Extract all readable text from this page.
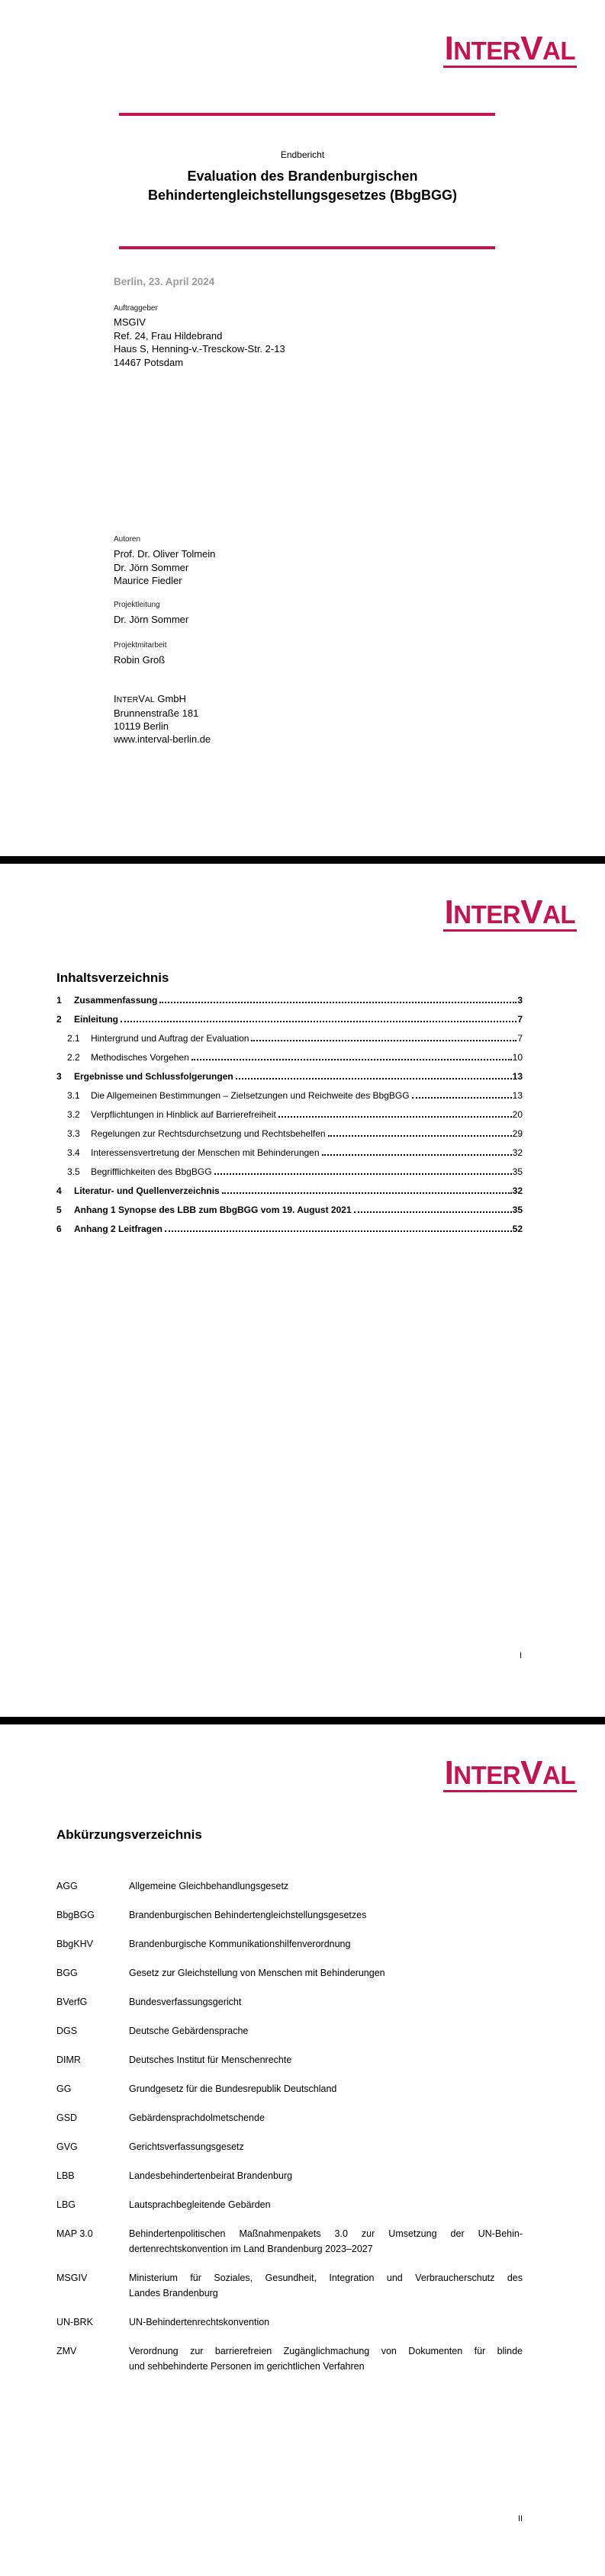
INTERVAL
Endbericht
Evaluation des Brandenburgischen
Behindertengleichstellungsgesetzes (BbgBGG)
Berlin, 23. April 2024
Auftraggeber
MSGIV
Ref. 24, Frau Hildebrand
Haus S, Henning-v.-Tresckow-Str. 2-13
14467 Potsdam
Autoren
Prof. Dr. Oliver Tolmein
Dr. Jörn Sommer
Maurice Fiedler
Projektleitung
Dr. Jörn Sommer
Projektmitarbeit
Robin Groß
INTERVAL GmbH
Brunnenstraße 181
10119 Berlin
www.interval-berlin.de
INTERVAL
Inhaltsverzeichnis
1	Zusammenfassung	3
2	Einleitung	7
2.1	Hintergrund und Auftrag der Evaluation	7
2.2	Methodisches Vorgehen	10
3	Ergebnisse und Schlussfolgerungen	13
3.1	Die Allgemeinen Bestimmungen – Zielsetzungen und Reichweite des BbgBGG	13
3.2	Verpflichtungen in Hinblick auf Barrierefreiheit	20
3.3	Regelungen zur Rechtsdurchsetzung und Rechtsbehelfen	29
3.4	Interessensvertretung der Menschen mit Behinderungen	32
3.5	Begrifflichkeiten des BbgBGG	35
4	Literatur- und Quellenverzeichnis	32
5	Anhang 1 Synopse des LBB zum BbgBGG vom 19. August 2021	35
6	Anhang 2 Leitfragen	52
I
INTERVAL
Abkürzungsverzeichnis
AGG	Allgemeine Gleichbehandlungsgesetz
BbgBGG	Brandenburgischen Behindertengleichstellungsgesetzes
BbgKHV	Brandenburgische Kommunikationshilfenverordnung
BGG	Gesetz zur Gleichstellung von Menschen mit Behinderungen
BVerfG	Bundesverfassungsgericht
DGS	Deutsche Gebärdensprache
DIMR	Deutsches Institut für Menschenrechte
GG	Grundgesetz für die Bundesrepublik Deutschland
GSD	Gebärdensprachdolmetschende
GVG	Gerichtsverfassungsgesetz
LBB	Landesbehindertenbeirat Brandenburg
LBG	Lautsprachbegleitende Gebärden
MAP 3.0	Behindertenpolitischen Maßnahmenpakets 3.0 zur Umsetzung der UN-Behin-
dertenrechtskonvention im Land Brandenburg 2023–2027
MSGIV	Ministerium für Soziales, Gesundheit, Integration und Verbraucherschutz des
Landes Brandenburg
UN-BRK	UN-Behindertenrechtskonvention
ZMV	Verordnung zur barrierefreien Zugänglichmachung von Dokumenten für blinde
und sehbehinderte Personen im gerichtlichen Verfahren
II
